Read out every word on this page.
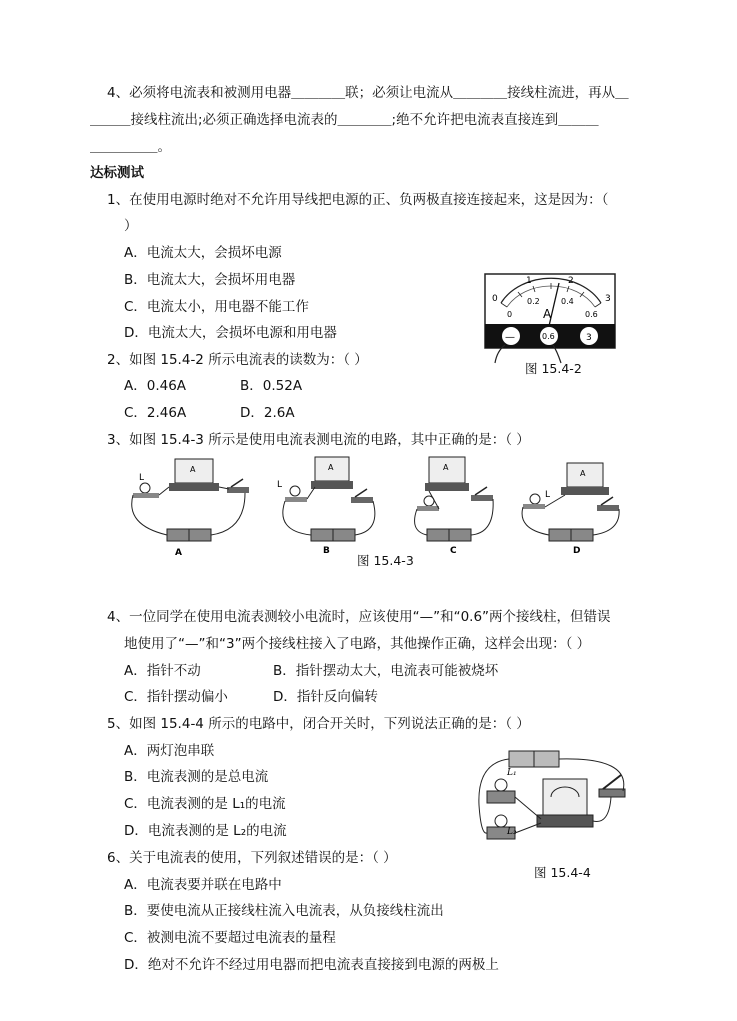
4、必须将电流表和被测用电器＿＿＿＿联；必须让电流从＿＿＿＿接线柱流进，再从＿
＿＿＿接线柱流出;必须正确选择电流表的＿＿＿＿;绝不允许把电流表直接连到＿＿＿
＿＿＿＿＿。
达标测试
1、在使用电源时绝对不允许用导线把电源的正、负两极直接连接起来，这是因为：（
）
A．电流太大，会损坏电源
B．电流太大，会损坏用电器
C．电流太小，用电器不能工作
D．电流太大，会损坏电源和用电器
2、如图 15.4-2 所示电流表的读数为：（ ）
A．0.46A	B．0.52A
C．2.46A	D．2.6A
0
1	2
3
0
0.2	0.4
0.6
A
—	0.6	3
图 15.4-2
3、如图 15.4-3 所示是使用电流表测电流的电路，其中正确的是：（ ）
A
L
A
A
L
B
A
C
A
L
D
图 15.4-3
4、一位同学在使用电流表测较小电流时，应该使用“—”和“0.6”两个接线柱，但错误
地使用了“—”和“3”两个接线柱接入了电路，其他操作正确，这样会出现：（ ）
A．指针不动	B．指针摆动太大，电流表可能被烧坏
C．指针摆动偏小	D．指针反向偏转
5、如图 15.4-4 所示的电路中，闭合开关时，下列说法正确的是：（ ）
A．两灯泡串联
B．电流表测的是总电流
C．电流表测的是 L₁的电流
D．电流表测的是 L₂的电流
L₁
L₂
图 15.4-4
6、关于电流表的使用，下列叙述错误的是：（ ）
A．电流表要并联在电路中
B．要使电流从正接线柱流入电流表，从负接线柱流出
C．被测电流不要超过电流表的量程
D．绝对不允许不经过用电器而把电流表直接接到电源的两极上
